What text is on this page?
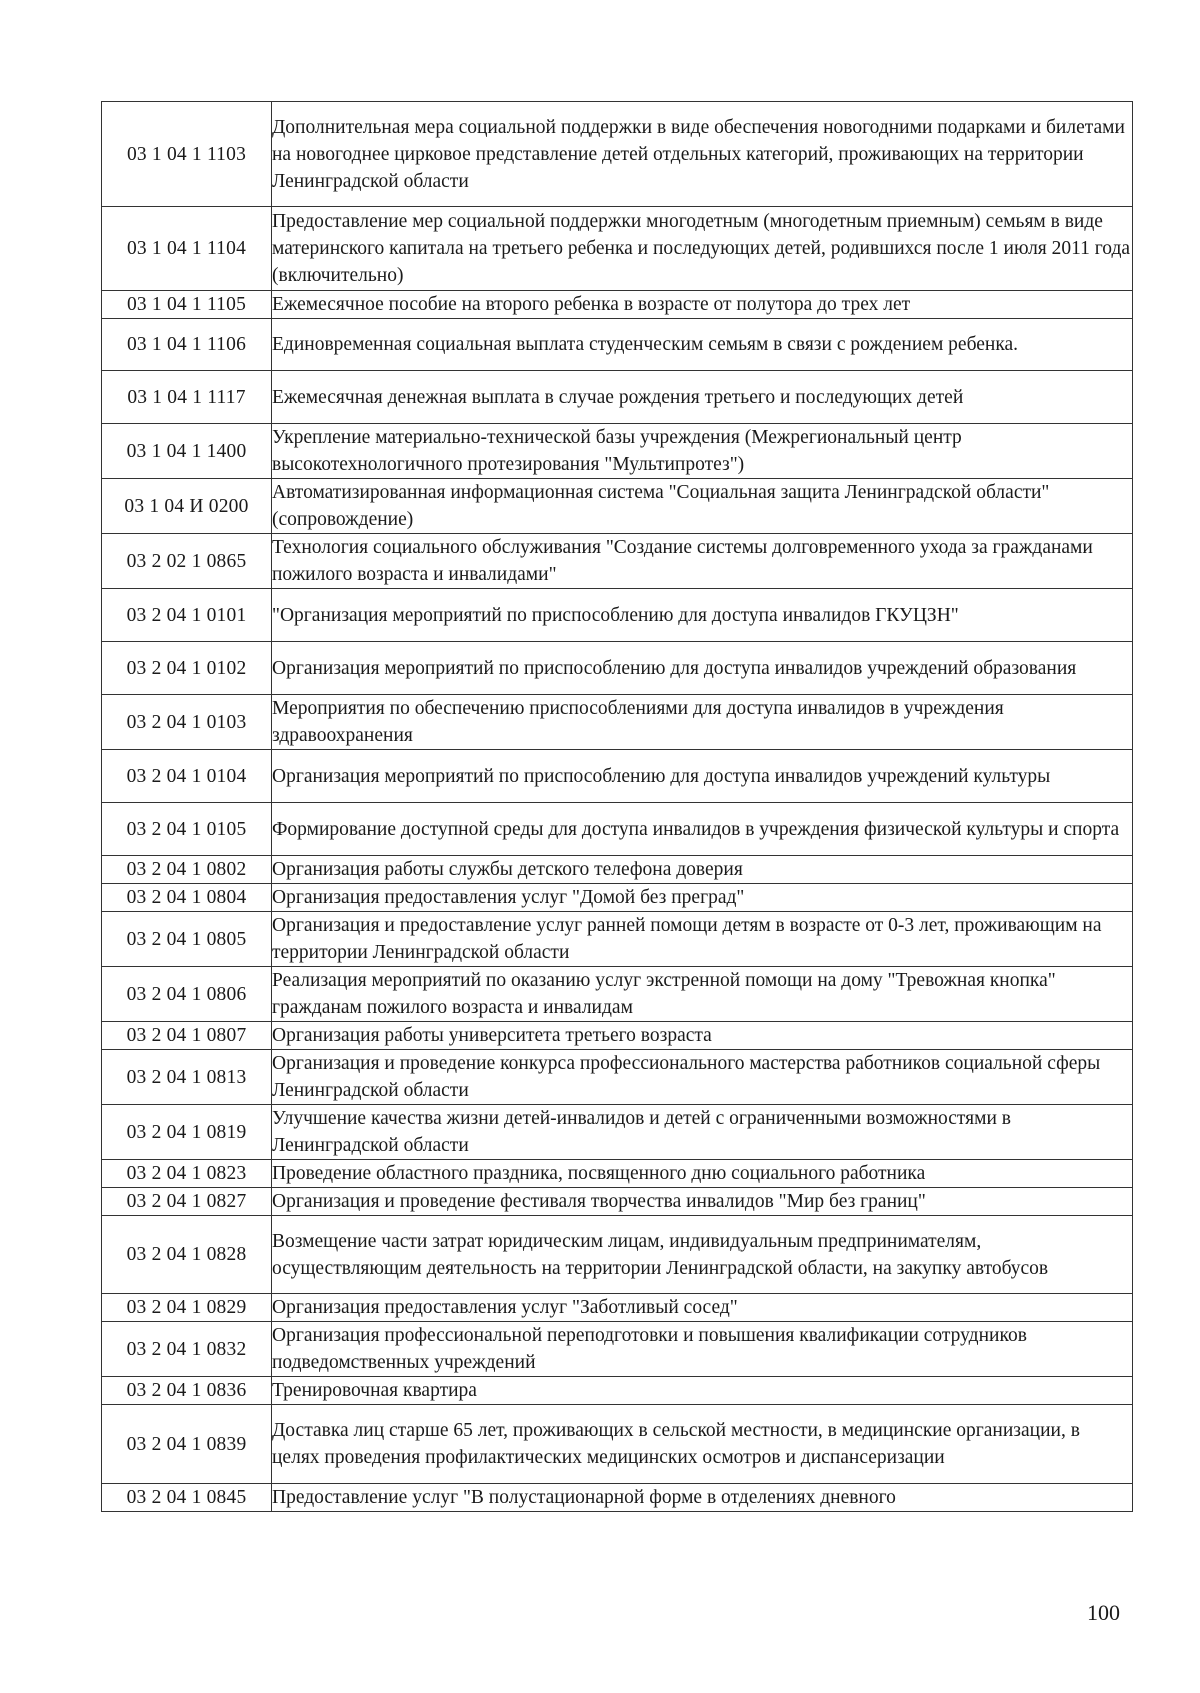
03 1 04 1 1103	Дополнительная мера социальной поддержки в виде обеспечения новогодними подарками и билетами на новогоднее цирковое представление детей отдельных категорий, проживающих на территории Ленинградской области
03 1 04 1 1104	Предоставление мер социальной поддержки многодетным (многодетным приемным) семьям в виде материнского капитала на третьего ребенка и последующих детей, родившихся после 1 июля 2011 года (включительно)
03 1 04 1 1105	Ежемесячное пособие на второго ребенка в возрасте от полутора до трех лет
03 1 04 1 1106	Единовременная социальная выплата студенческим семьям в связи с рождением ребенка.
03 1 04 1 1117	Ежемесячная денежная выплата в случае рождения третьего и последующих детей
03 1 04 1 1400	Укрепление материально-технической базы учреждения (Межрегиональный центр высокотехнологичного протезирования "Мультипротез")
03 1 04 И 0200	Автоматизированная информационная система "Социальная защита Ленинградской области" (сопровождение)
03 2 02 1 0865	Технология социального обслуживания "Создание системы долговременного ухода за гражданами пожилого возраста и инвалидами"
03 2 04 1 0101	"Организация мероприятий по приспособлению для доступа инвалидов ГКУЦЗН"
03 2 04 1 0102	Организация мероприятий по приспособлению для доступа инвалидов учреждений образования
03 2 04 1 0103	Мероприятия по обеспечению приспособлениями для доступа инвалидов в учреждения здравоохранения
03 2 04 1 0104	Организация мероприятий по приспособлению для доступа инвалидов учреждений культуры
03 2 04 1 0105	Формирование доступной среды для доступа инвалидов в учреждения физической культуры и спорта
03 2 04 1 0802	Организация работы службы детского телефона доверия
03 2 04 1 0804	Организация предоставления услуг "Домой без преград"
03 2 04 1 0805	Организация и предоставление услуг ранней помощи детям в возрасте от 0-3 лет, проживающим на территории Ленинградской области
03 2 04 1 0806	Реализация мероприятий по оказанию услуг экстренной помощи на дому "Тревожная кнопка" гражданам пожилого возраста и инвалидам
03 2 04 1 0807	Организация работы университета третьего возраста
03 2 04 1 0813	Организация и проведение конкурса профессионального мастерства работников социальной сферы Ленинградской области
03 2 04 1 0819	Улучшение качества жизни детей-инвалидов и детей с ограниченными возможностями в Ленинградской области
03 2 04 1 0823	Проведение областного праздника, посвященного дню социального работника
03 2 04 1 0827	Организация и проведение фестиваля творчества инвалидов "Мир без границ"
03 2 04 1 0828	Возмещение части затрат юридическим лицам, индивидуальным предпринимателям, осуществляющим деятельность на территории Ленинградской области, на закупку автобусов
03 2 04 1 0829	Организация предоставления услуг "Заботливый сосед"
03 2 04 1 0832	Организация профессиональной переподготовки и повышения квалификации сотрудников подведомственных учреждений
03 2 04 1 0836	Тренировочная квартира
03 2 04 1 0839	Доставка лиц старше 65 лет, проживающих в сельской местности, в медицинские организации, в целях проведения профилактических медицинских осмотров и диспансеризации
03 2 04 1 0845	Предоставление услуг "В полустационарной форме в отделениях дневного
100
